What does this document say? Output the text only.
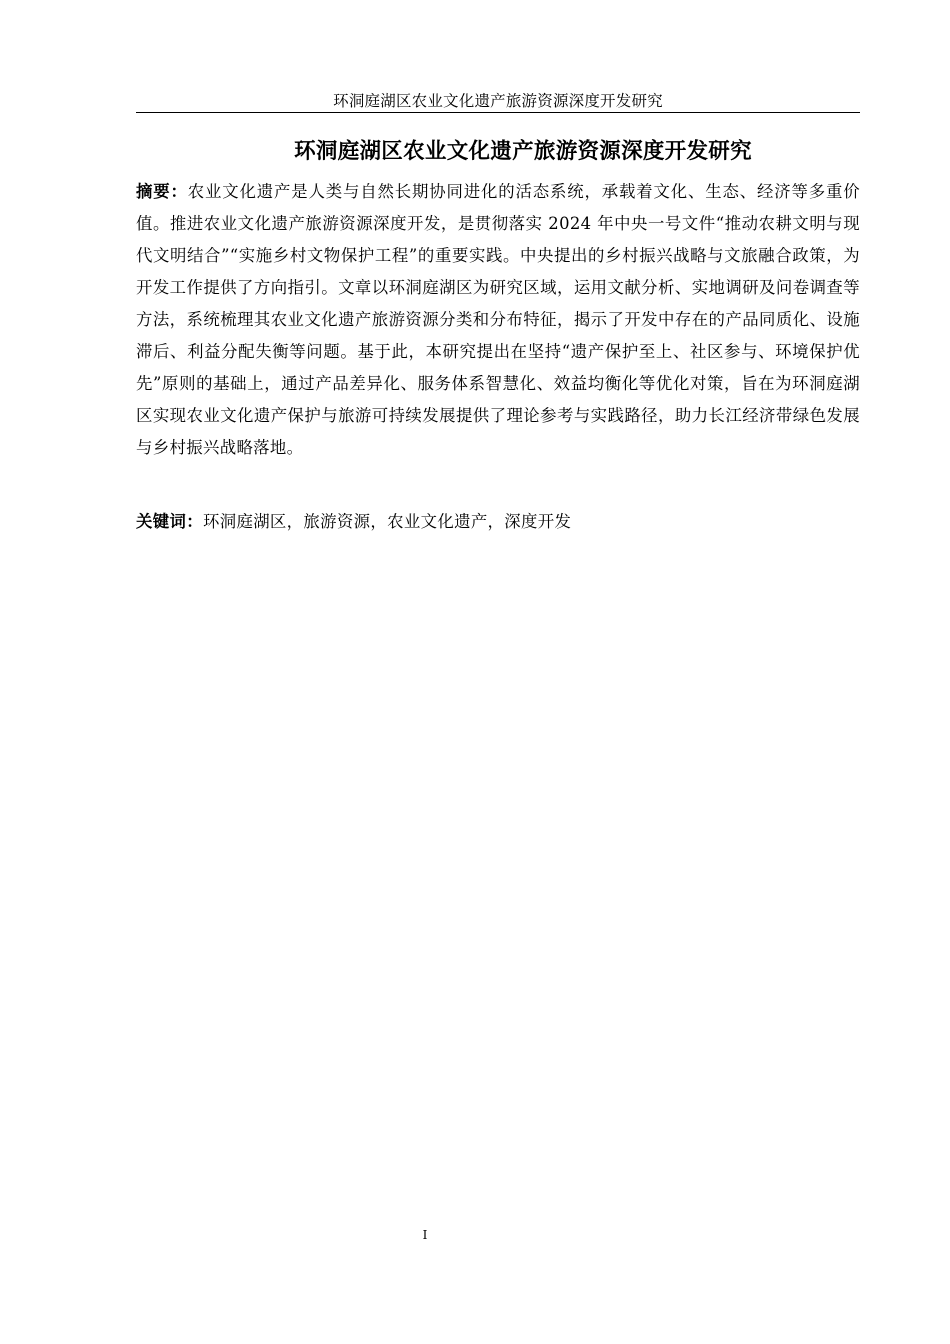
环洞庭湖区农业文化遗产旅游资源深度开发研究
环洞庭湖区农业文化遗产旅游资源深度开发研究

摘要：农业文化遗产是人类与自然长期协同进化的活态系统，承载着文化、生态、经济等多重价值。推进农业文化遗产旅游资源深度开发，是贯彻落实 2024 年中央一号文件“推动农耕文明与现代文明结合”“实施乡村文物保护工程”的重要实践。中央提出的乡村振兴战略与文旅融合政策，为开发工作提供了方向指引。文章以环洞庭湖区为研究区域，运用文献分析、实地调研及问卷调查等方法，系统梳理其农业文化遗产旅游资源分类和分布特征，揭示了开发中存在的产品同质化、设施滞后、利益分配失衡等问题。基于此，本研究提出在坚持“遗产保护至上、社区参与、环境保护优先”原则的基础上，通过产品差异化、服务体系智慧化、效益均衡化等优化对策，旨在为环洞庭湖区实现农业文化遗产保护与旅游可持续发展提供了理论参考与实践路径，助力长江经济带绿色发展与乡村振兴战略落地。

关键词：环洞庭湖区，旅游资源，农业文化遗产，深度开发

I
